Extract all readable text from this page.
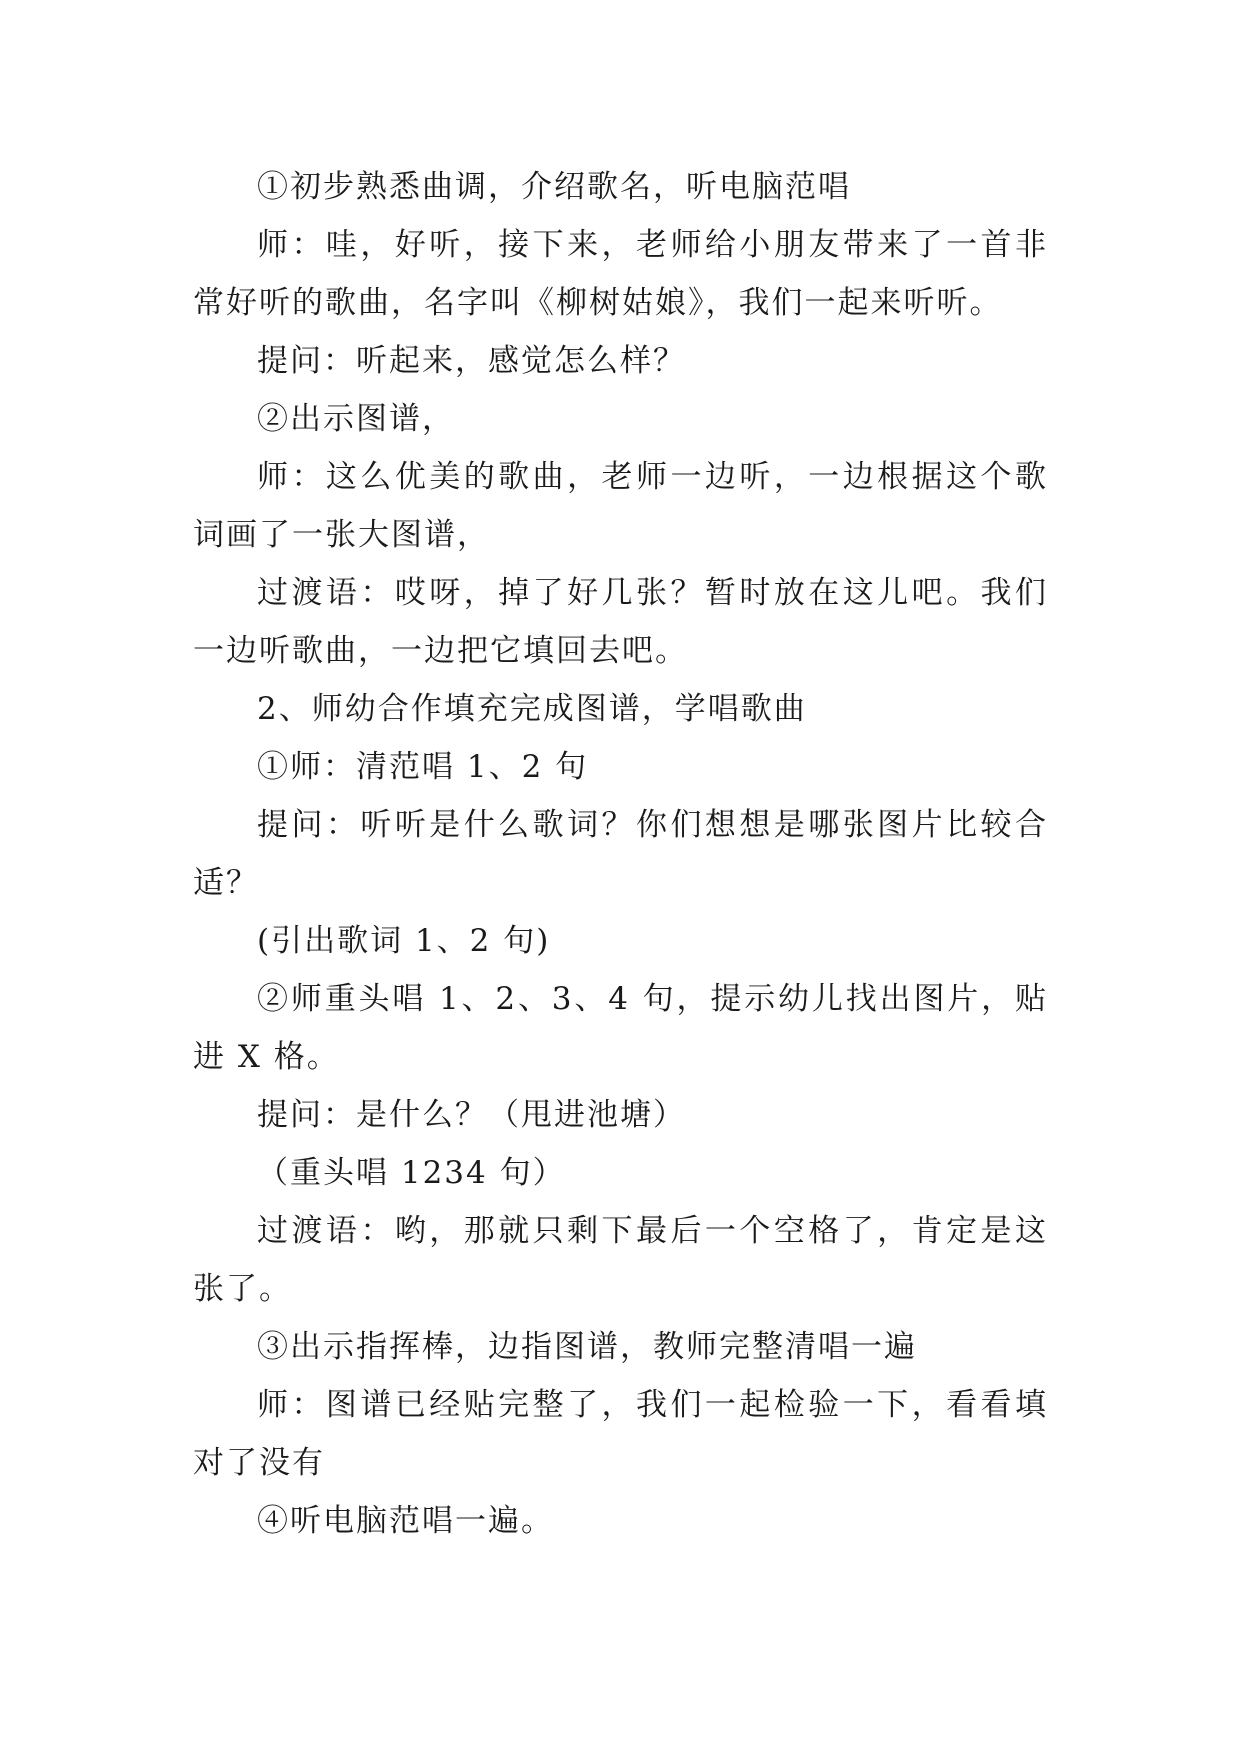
①初步熟悉曲调，介绍歌名，听电脑范唱

师：哇，好听，接下来，老师给小朋友带来了一首非常好听的歌曲，名字叫《柳树姑娘》，我们一起来听听。

提问：听起来，感觉怎么样？

②出示图谱，

师：这么优美的歌曲，老师一边听，一边根据这个歌词画了一张大图谱，

过渡语：哎呀，掉了好几张？暂时放在这儿吧。我们一边听歌曲，一边把它填回去吧。

2、师幼合作填充完成图谱，学唱歌曲

①师：清范唱 1、2 句

提问：听听是什么歌词？你们想想是哪张图片比较合适？

(引出歌词 1、2 句)

②师重头唱 1、2、3、4 句，提示幼儿找出图片，贴进 X 格。

提问：是什么？（甩进池塘）

（重头唱 1234 句）

过渡语：哟，那就只剩下最后一个空格了，肯定是这张了。

③出示指挥棒，边指图谱，教师完整清唱一遍

师：图谱已经贴完整了，我们一起检验一下，看看填对了没有

④听电脑范唱一遍。
